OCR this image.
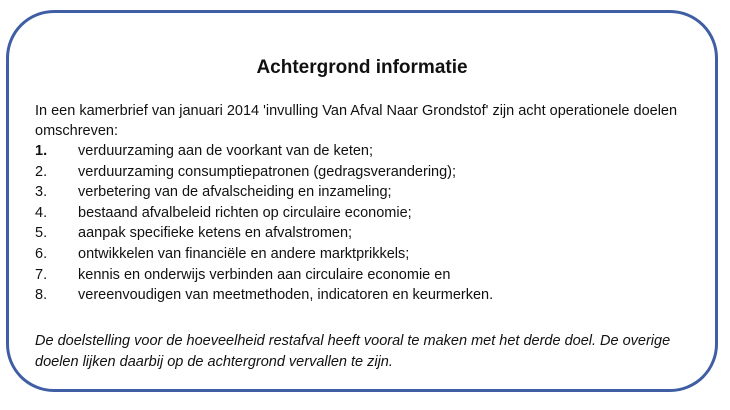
Achtergrond informatie

In een kamerbrief van januari 2014 'invulling Van Afval Naar Grondstof' zijn acht operationele doelen omschreven:

1.	verduurzaming aan de voorkant van de keten;
2.	verduurzaming consumptiepatronen (gedragsverandering);
3.	verbetering van de afvalscheiding en inzameling;
4.	bestaand afvalbeleid richten op circulaire economie;
5.	aanpak specifieke ketens en afvalstromen;
6.	ontwikkelen van financiële en andere marktprikkels;
7.	kennis en onderwijs verbinden aan circulaire economie en
8.	vereenvoudigen van meetmethoden, indicatoren en keurmerken.

De doelstelling voor de hoeveelheid restafval heeft vooral te maken met het derde doel. De overige doelen lijken daarbij op de achtergrond vervallen te zijn.
